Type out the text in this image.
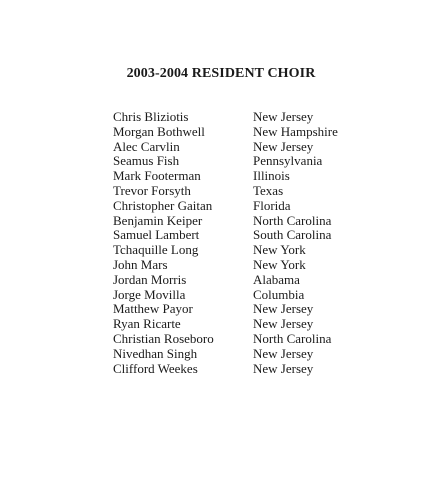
2003-2004 RESIDENT CHOIR
Chris Bliziotis	New Jersey
Morgan Bothwell	New Hampshire
Alec Carvlin	New Jersey
Seamus Fish	Pennsylvania
Mark Footerman	Illinois
Trevor Forsyth	Texas
Christopher Gaitan	Florida
Benjamin Keiper	North Carolina
Samuel Lambert	South Carolina
Tchaquille Long	New York
John Mars	New York
Jordan Morris	Alabama
Jorge Movilla	Columbia
Matthew Payor	New Jersey
Ryan Ricarte	New Jersey
Christian Roseboro	North Carolina
Nivedhan Singh	New Jersey
Clifford Weekes	New Jersey
